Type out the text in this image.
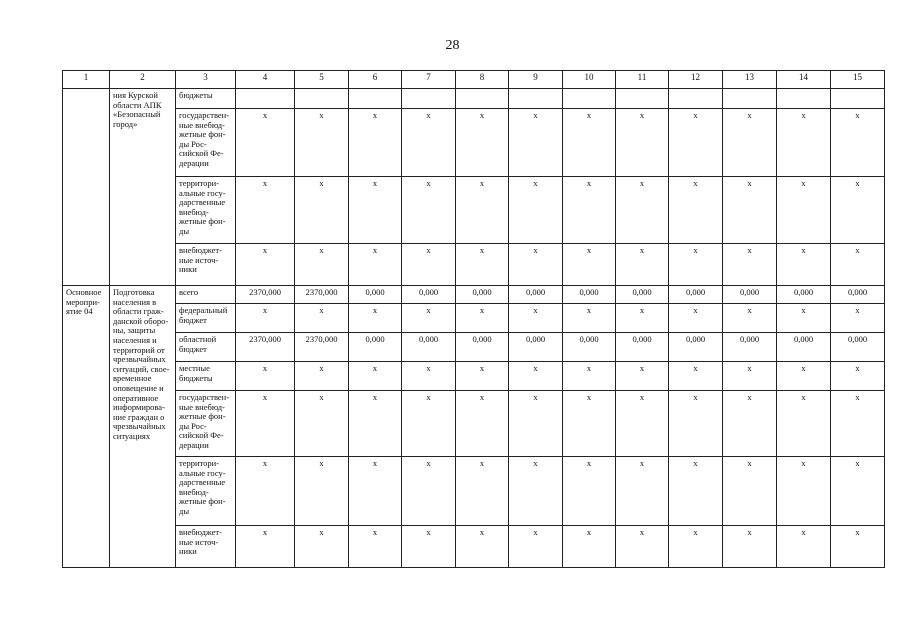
28
1	2	3	4	5	6	7	8	9	10	11	12	13	14	15
	ния Курской области АПК «Безопасный город»	бюджеты												
		государствен-ные внебюд-жетные фон-ды Рос-сийской Фе-дерации	x	x	x	x	x	x	x	x	x	x	x	x
		территори-альные госу-дарственные внебюд-жетные фон-ды	x	x	x	x	x	x	x	x	x	x	x	x
		внебюджет-ные источ-ники	x	x	x	x	x	x	x	x	x	x	x	x
Основное меропри-ятие 04	Подготовка населения в области граж-данской оборо-ны, защиты населения и территорий от чрезвычайных ситуаций, свое-временное оповещение и оперативное информирова-ние граждан о чрезвычайных ситуациях	всего	2370,000	2370,000	0,000	0,000	0,000	0,000	0,000	0,000	0,000	0,000	0,000	0,000
		федеральный бюджет	x	x	x	x	x	x	x	x	x	x	x	x
		областной бюджет	2370,000	2370,000	0,000	0,000	0,000	0,000	0,000	0,000	0,000	0,000	0,000	0,000
		местные бюджеты	x	x	x	x	x	x	x	x	x	x	x	x
		государствен-ные внебюд-жетные фон-ды Рос-сийской Фе-дерации	x	x	x	x	x	x	x	x	x	x	x	x
		территори-альные госу-дарственные внебюд-жетные фон-ды	x	x	x	x	x	x	x	x	x	x	x	x
		внебюджет-ные источ-ники	x	x	x	x	x	x	x	x	x	x	x	x
